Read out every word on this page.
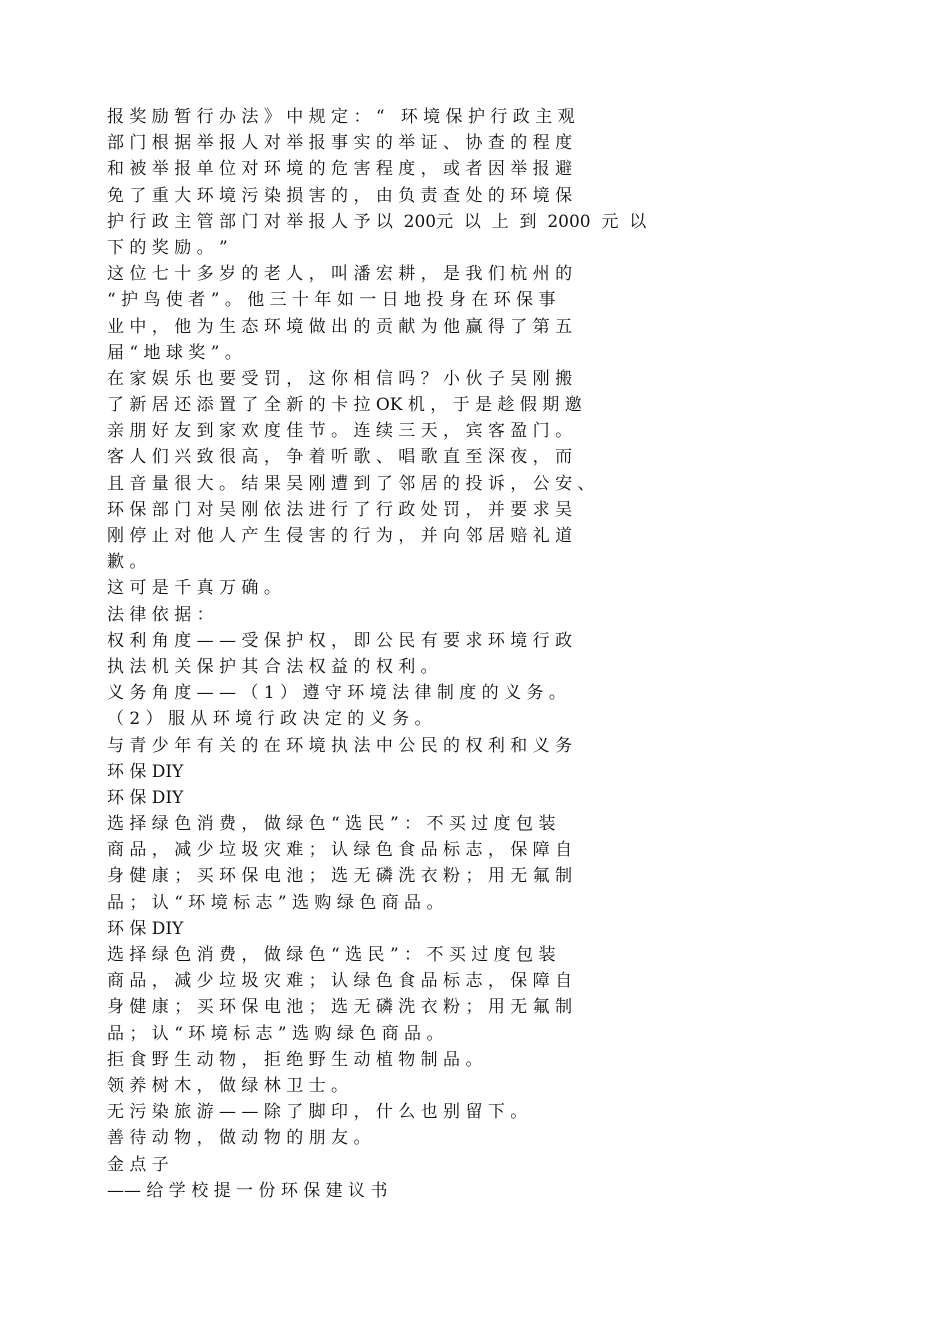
报 奖 励 暂 行 办 法 》 中 规 定 ： “   环 境 保 护 行 政 主 观
部 门 根 据 举 报 人 对 举 报 事 实 的 举 证 、 协 查 的 程 度
和 被 举 报 单 位 对 环 境 的 危 害 程 度 ， 或 者 因 举 报 避
免 了 重 大 环 境 污 染 损 害 的 ， 由 负 责 查 处 的 环 境 保
护 行 政 主 管 部 门 对 举 报 人 予 以  200元  以  上  到  2000  元  以
下 的 奖 励 。 ”
这 位 七 十 多 岁 的 老 人 ， 叫 潘 宏 耕 ， 是 我 们 杭 州 的
“ 护 鸟 使 者 ” 。 他 三 十 年 如 一 日 地 投 身 在 环 保 事
业 中 ， 他 为 生 态 环 境 做 出 的 贡 献 为 他 赢 得 了 第 五
届 “ 地 球 奖 ” 。
在 家 娱 乐 也 要 受 罚 ， 这 你 相 信 吗 ？ 小 伙 子 吴 刚 搬
了 新 居 还 添 置 了 全 新 的 卡 拉 OK 机 ， 于 是 趁 假 期 邀
亲 朋 好 友 到 家 欢 度 佳 节 。 连 续 三 天 ， 宾 客 盈 门 。
客 人 们 兴 致 很 高 ， 争 着 听 歌 、 唱 歌 直 至 深 夜 ， 而
且 音 量 很 大 。 结 果 吴 刚 遭 到 了 邻 居 的 投 诉 ， 公 安 、
环 保 部 门 对 吴 刚 依 法 进 行 了 行 政 处 罚 ， 并 要 求 吴
刚 停 止 对 他 人 产 生 侵 害 的 行 为 ， 并 向 邻 居 赔 礼 道
歉 。
这 可 是 千 真 万 确 。
法 律 依 据 ：
权 利 角 度 — — 受 保 护 权 ， 即 公 民 有 要 求 环 境 行 政
执 法 机 关 保 护 其 合 法 权 益 的 权 利 。
义 务 角 度 — — （ 1 ） 遵 守 环 境 法 律 制 度 的 义 务 。
（ 2 ） 服 从 环 境 行 政 决 定 的 义 务 。
与 青 少 年 有 关 的 在 环 境 执 法 中 公 民 的 权 利 和 义 务
环 保 DIY
环 保 DIY
选 择 绿 色 消 费 ， 做 绿 色 “ 选 民 ” ： 不 买 过 度 包 装
商 品 ， 减 少 垃 圾 灾 难 ； 认 绿 色 食 品 标 志 ， 保 障 自
身 健 康 ； 买 环 保 电 池 ； 选 无 磷 洗 衣 粉 ； 用 无 氟 制
品 ； 认 “ 环 境 标 志 ” 选 购 绿 色 商 品 。
环 保 DIY
选 择 绿 色 消 费 ， 做 绿 色 “ 选 民 ” ： 不 买 过 度 包 装
商 品 ， 减 少 垃 圾 灾 难 ； 认 绿 色 食 品 标 志 ， 保 障 自
身 健 康 ； 买 环 保 电 池 ； 选 无 磷 洗 衣 粉 ； 用 无 氟 制
品 ； 认 “ 环 境 标 志 ” 选 购 绿 色 商 品 。
拒 食 野 生 动 物 ， 拒 绝 野 生 动 植 物 制 品 。
领 养 树 木 ， 做 绿 林 卫 士 。
无 污 染 旅 游 — — 除 了 脚 印 ， 什 么 也 别 留 下 。
善 待 动 物 ， 做 动 物 的 朋 友 。
金 点 子
—— 给 学 校 提 一 份 环 保 建 议 书
